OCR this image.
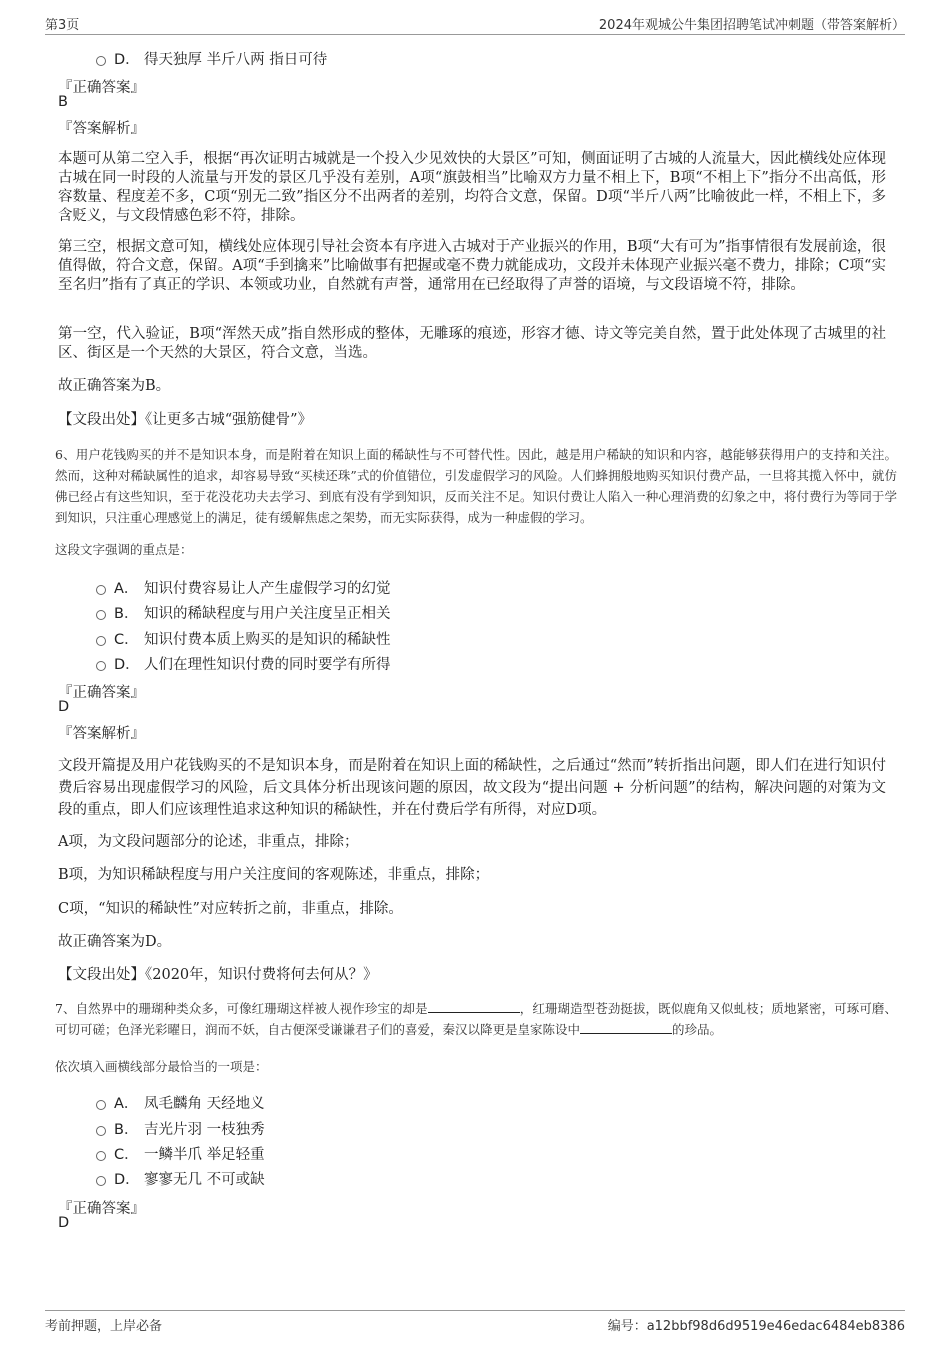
第3页	2024年观城公牛集团招聘笔试冲刺题（带答案解析）
D． 得天独厚 半斤八两 指日可待
『正确答案』
B
『答案解析』
本题可从第二空入手，根据“再次证明古城就是一个投入少见效快的大景区”可知，侧面证明了古城的人流量大，因此横线处应体现古城在同一时段的人流量与开发的景区几乎没有差别，A项“旗鼓相当”比喻双方力量不相上下，B项“不相上下”指分不出高低，形容数量、程度差不多，C项“别无二致”指区分不出两者的差别，均符合文意，保留。D项“半斤八两”比喻彼此一样，不相上下，多含贬义，与文段情感色彩不符，排除。
第三空，根据文意可知，横线处应体现引导社会资本有序进入古城对于产业振兴的作用，B项“大有可为”指事情很有发展前途，很值得做，符合文意，保留。A项“手到擒来”比喻做事有把握或毫不费力就能成功，文段并未体现产业振兴毫不费力，排除；C项“实至名归”指有了真正的学识、本领或功业，自然就有声誉，通常用在已经取得了声誉的语境，与文段语境不符，排除。
第一空，代入验证，B项“浑然天成”指自然形成的整体，无雕琢的痕迹，形容才德、诗文等完美自然，置于此处体现了古城里的社区、街区是一个天然的大景区，符合文意，当选。
故正确答案为B。
【文段出处】《让更多古城“强筋健骨”》
6、用户花钱购买的并不是知识本身，而是附着在知识上面的稀缺性与不可替代性。因此，越是用户稀缺的知识和内容，越能够获得用户的支持和关注。然而，这种对稀缺属性的追求，却容易导致“买椟还珠”式的价值错位，引发虚假学习的风险。人们蜂拥般地购买知识付费产品，一旦将其揽入怀中，就仿佛已经占有这些知识，至于花没花功夫去学习、到底有没有学到知识，反而关注不足。知识付费让人陷入一种心理消费的幻象之中，将付费行为等同于学到知识，只注重心理感觉上的满足，徒有缓解焦虑之架势，而无实际获得，成为一种虚假的学习。
这段文字强调的重点是：
A． 知识付费容易让人产生虚假学习的幻觉
B． 知识的稀缺程度与用户关注度呈正相关
C． 知识付费本质上购买的是知识的稀缺性
D． 人们在理性知识付费的同时要学有所得
『正确答案』
D
『答案解析』
文段开篇提及用户花钱购买的不是知识本身，而是附着在知识上面的稀缺性，之后通过“然而”转折指出问题，即人们在进行知识付费后容易出现虚假学习的风险，后文具体分析出现该问题的原因，故文段为“提出问题 + 分析问题”的结构，解决问题的对策为文段的重点，即人们应该理性追求这种知识的稀缺性，并在付费后学有所得，对应D项。
A项，为文段问题部分的论述，非重点，排除；
B项，为知识稀缺程度与用户关注度间的客观陈述，非重点，排除；
C项，“知识的稀缺性”对应转折之前，非重点，排除。
故正确答案为D。
【文段出处】《2020年，知识付费将何去何从？》
7、自然界中的珊瑚种类众多，可像红珊瑚这样被人视作珍宝的却是	，红珊瑚造型苍劲挺拔，既似鹿角又似虬枝；质地紧密，可琢可磨、可切可磋；色泽光彩曜日，润而不妖，自古便深受谦谦君子们的喜爱，秦汉以降更是皇家陈设中	的珍品。
依次填入画横线部分最恰当的一项是：
A． 凤毛麟角 天经地义
B． 吉光片羽 一枝独秀
C． 一鳞半爪 举足轻重
D． 寥寥无几 不可或缺
『正确答案』
D
考前押题，上岸必备	编号：a12bbf98d6d9519e46edac6484eb8386
